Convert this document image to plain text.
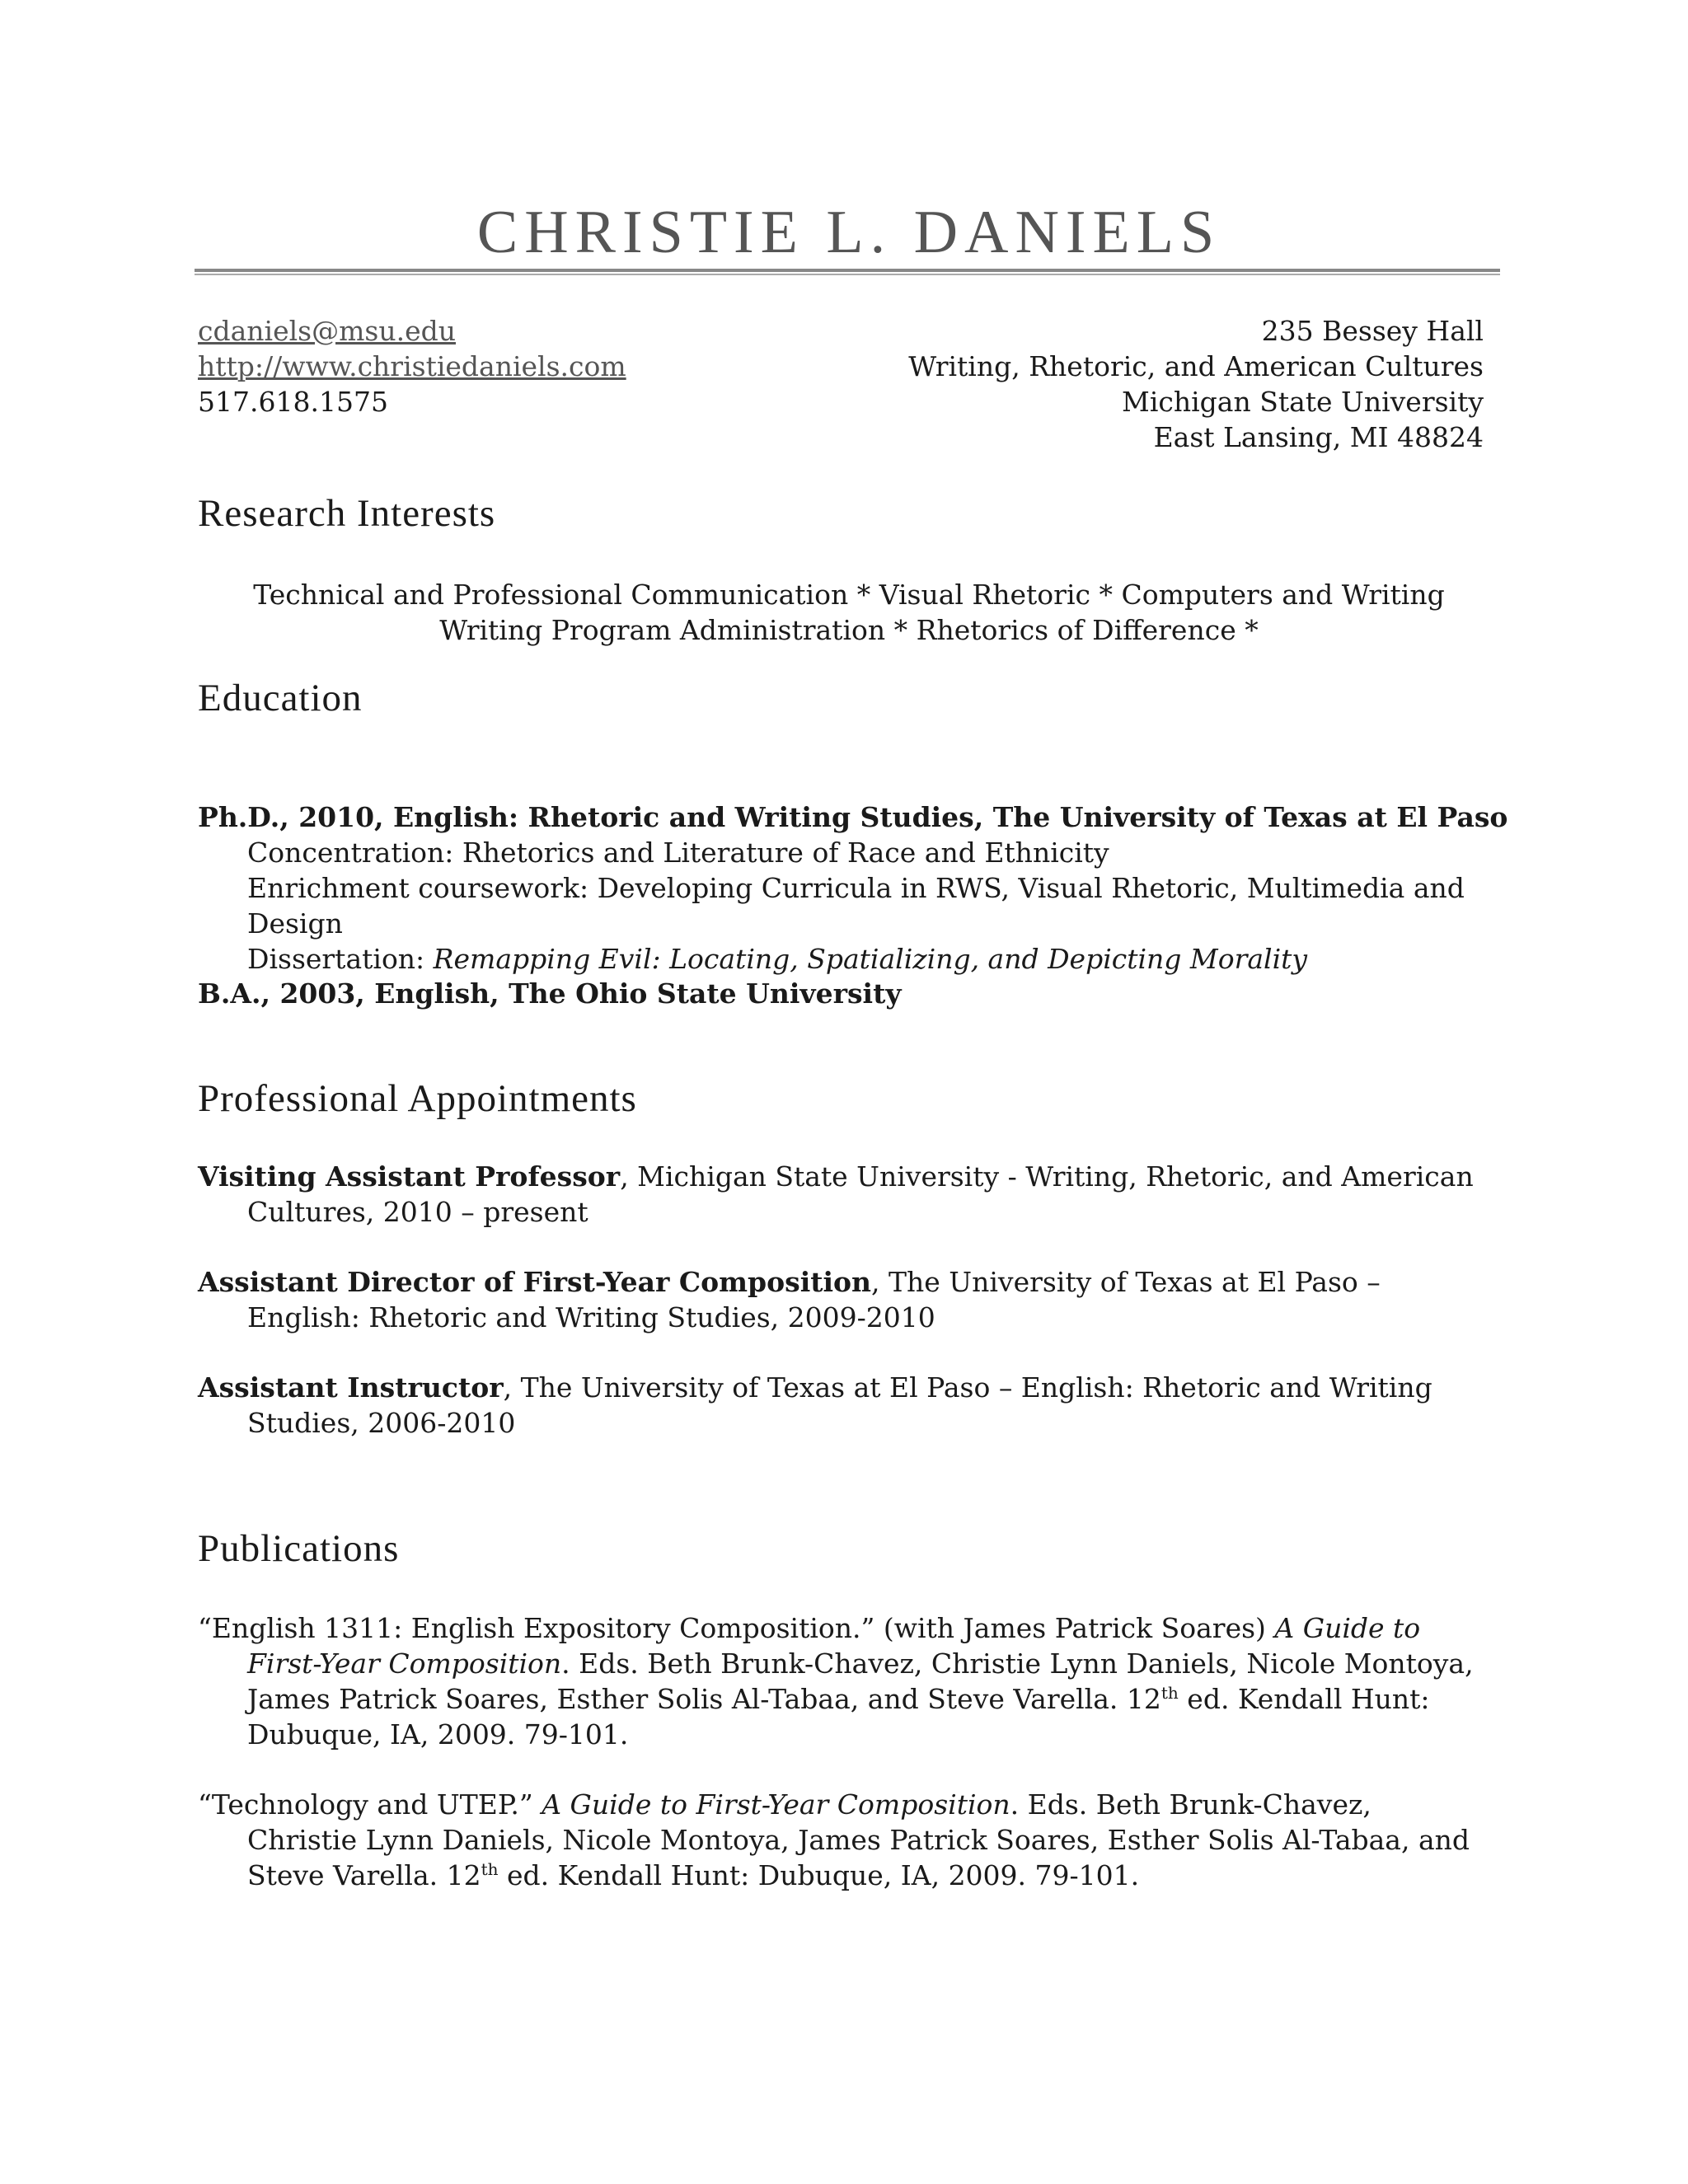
CHRISTIE L. DANIELS
cdaniels@msu.edu
http://www.christiedaniels.com
517.618.1575
235 Bessey Hall
Writing, Rhetoric, and American Cultures
Michigan State University
East Lansing, MI 48824
Research Interests
Technical and Professional Communication * Visual Rhetoric * Computers and Writing
Writing Program Administration * Rhetorics of Difference *
Education
Ph.D., 2010, English: Rhetoric and Writing Studies, The University of Texas at El Paso
Concentration: Rhetorics and Literature of Race and Ethnicity
Enrichment coursework: Developing Curricula in RWS, Visual Rhetoric, Multimedia and Design
Dissertation: Remapping Evil: Locating, Spatializing, and Depicting Morality
B.A., 2003, English, The Ohio State University
Professional Appointments
Visiting Assistant Professor, Michigan State University - Writing, Rhetoric, and American Cultures, 2010 – present
Assistant Director of First-Year Composition, The University of Texas at El Paso – English: Rhetoric and Writing Studies, 2009-2010
Assistant Instructor, The University of Texas at El Paso – English: Rhetoric and Writing Studies, 2006-2010
Publications
“English 1311: English Expository Composition.” (with James Patrick Soares) A Guide to First-Year Composition. Eds. Beth Brunk-Chavez, Christie Lynn Daniels, Nicole Montoya, James Patrick Soares, Esther Solis Al-Tabaa, and Steve Varella. 12th ed. Kendall Hunt: Dubuque, IA, 2009. 79-101.
“Technology and UTEP.” A Guide to First-Year Composition. Eds. Beth Brunk-Chavez, Christie Lynn Daniels, Nicole Montoya, James Patrick Soares, Esther Solis Al-Tabaa, and Steve Varella. 12th ed. Kendall Hunt: Dubuque, IA, 2009. 79-101.
